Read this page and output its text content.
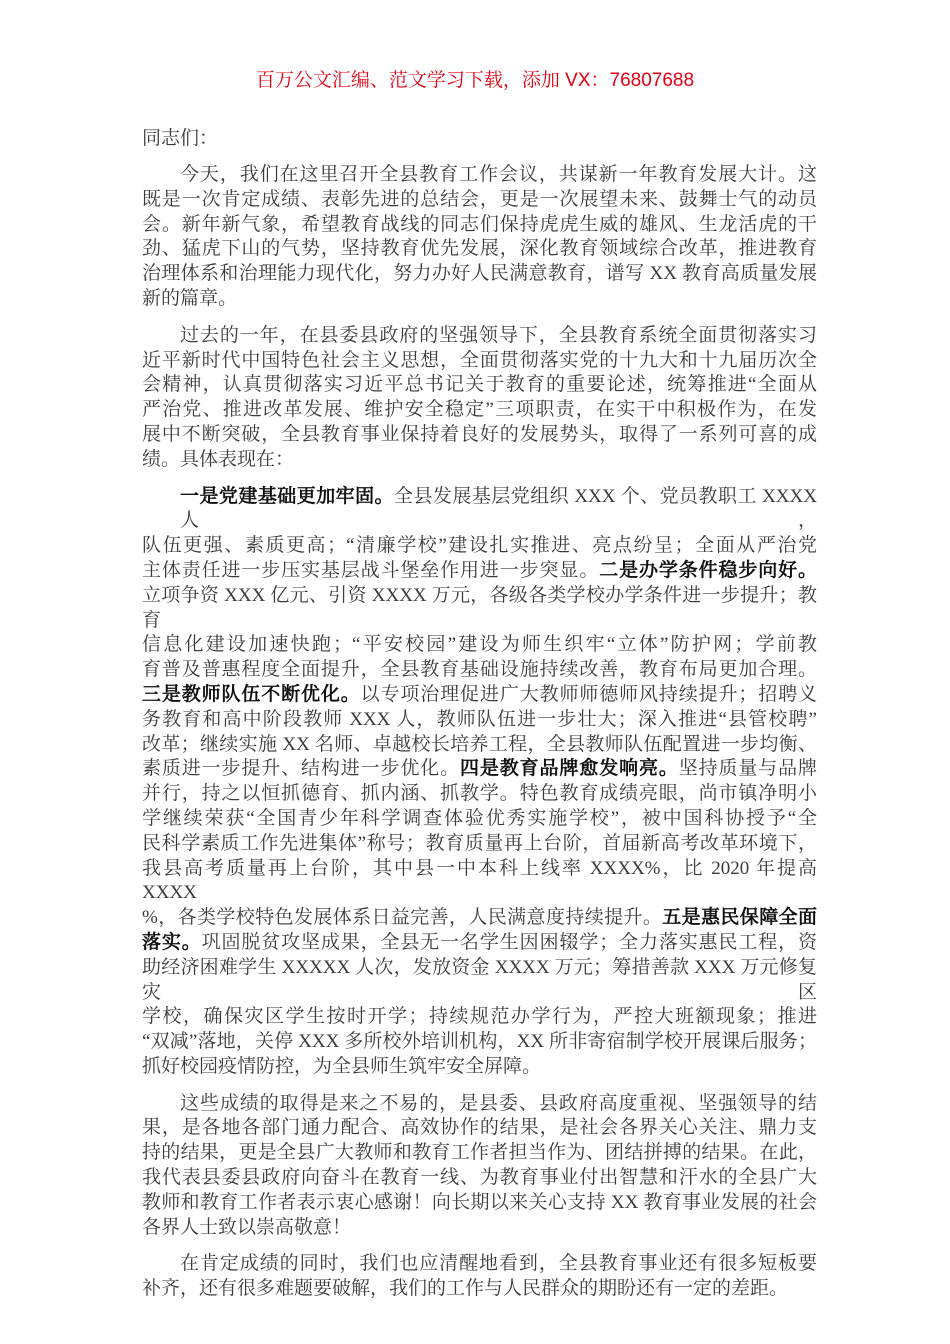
百万公文汇编、范文学习下载，添加 VX：76807688
同志们：
今天，我们在这里召开全县教育工作会议，共谋新一年教育发展大计。这
既是一次肯定成绩、表彰先进的总结会，更是一次展望未来、鼓舞士气的动员
会。新年新气象，希望教育战线的同志们保持虎虎生威的雄风、生龙活虎的干
劲、猛虎下山的气势，坚持教育优先发展，深化教育领域综合改革，推进教育
治理体系和治理能力现代化，努力办好人民满意教育，谱写 XX 教育高质量发展
新的篇章。
过去的一年，在县委县政府的坚强领导下，全县教育系统全面贯彻落实习
近平新时代中国特色社会主义思想，全面贯彻落实党的十九大和十九届历次全
会精神，认真贯彻落实习近平总书记关于教育的重要论述，统筹推进“全面从
严治党、推进改革发展、维护安全稳定”三项职责，在实干中积极作为，在发
展中不断突破，全县教育事业保持着良好的发展势头，取得了一系列可喜的成
绩。具体表现在：
一是党建基础更加牢固。全县发展基层党组织 XXX 个、党员教职工 XXXX 人，
队伍更强、素质更高；“清廉学校”建设扎实推进、亮点纷呈；全面从严治党
主体责任进一步压实基层战斗堡垒作用进一步突显。二是办学条件稳步向好。
立项争资 XXX 亿元、引资 XXXX 万元，各级各类学校办学条件进一步提升；教育
信息化建设加速快跑；“平安校园”建设为师生织牢“立体”防护网；学前教
育普及普惠程度全面提升，全县教育基础设施持续改善，教育布局更加合理。
三是教师队伍不断优化。以专项治理促进广大教师师德师风持续提升；招聘义
务教育和高中阶段教师 XXX 人，教师队伍进一步壮大；深入推进“县管校聘”
改革；继续实施 XX 名师、卓越校长培养工程，全县教师队伍配置进一步均衡、
素质进一步提升、结构进一步优化。四是教育品牌愈发响亮。坚持质量与品牌
并行，持之以恒抓德育、抓内涵、抓教学。特色教育成绩亮眼，尚市镇净明小
学继续荣获“全国青少年科学调查体验优秀实施学校”，被中国科协授予“全
民科学素质工作先进集体”称号；教育质量再上台阶，首届新高考改革环境下，
我县高考质量再上台阶，其中县一中本科上线率 XXXX%，比 2020 年提高 XXXX
%，各类学校特色发展体系日益完善，人民满意度持续提升。五是惠民保障全面
落实。巩固脱贫攻坚成果，全县无一名学生因困辍学；全力落实惠民工程，资
助经济困难学生 XXXXX 人次，发放资金 XXXX 万元；筹措善款 XXX 万元修复灾区
学校，确保灾区学生按时开学；持续规范办学行为，严控大班额现象；推进
“双减”落地，关停 XXX 多所校外培训机构，XX 所非寄宿制学校开展课后服务；
抓好校园疫情防控，为全县师生筑牢安全屏障。
这些成绩的取得是来之不易的，是县委、县政府高度重视、坚强领导的结
果，是各地各部门通力配合、高效协作的结果，是社会各界关心关注、鼎力支
持的结果，更是全县广大教师和教育工作者担当作为、团结拼搏的结果。在此，
我代表县委县政府向奋斗在教育一线、为教育事业付出智慧和汗水的全县广大
教师和教育工作者表示衷心感谢！向长期以来关心支持 XX 教育事业发展的社会
各界人士致以崇高敬意！
在肯定成绩的同时，我们也应清醒地看到，全县教育事业还有很多短板要
补齐，还有很多难题要破解，我们的工作与人民群众的期盼还有一定的差距。
